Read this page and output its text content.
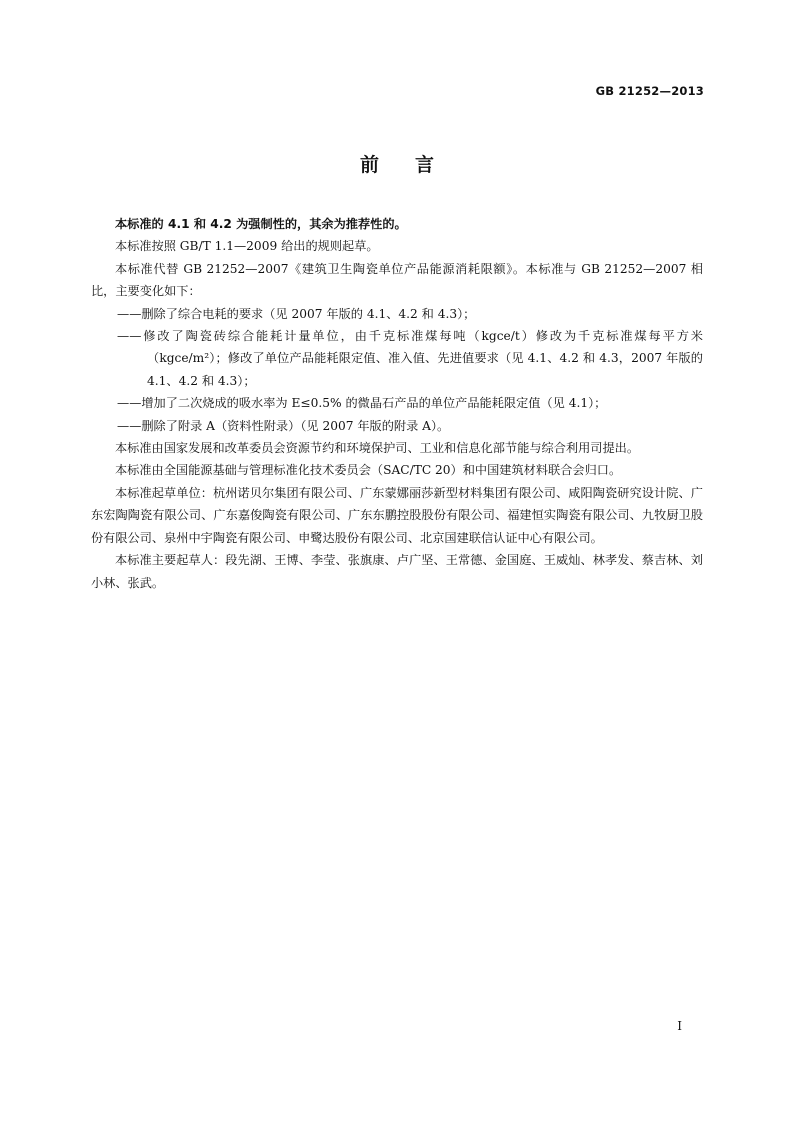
GB 21252—2013
前言

本标准的 4.1 和 4.2 为强制性的，其余为推荐性的。

本标准按照 GB/T 1.1—2009 给出的规则起草。

本标准代替 GB 21252—2007《建筑卫生陶瓷单位产品能源消耗限额》。本标准与 GB 21252—2007 相比，主要变化如下：

——删除了综合电耗的要求（见 2007 年版的 4.1、4.2 和 4.3）；

——修改了陶瓷砖综合能耗计量单位，由千克标准煤每吨（kgce/t）修改为千克标准煤每平方米（kgce/m²）；修改了单位产品能耗限定值、准入值、先进值要求（见 4.1、4.2 和 4.3，2007 年版的 4.1、4.2 和 4.3）；

——增加了二次烧成的吸水率为 E≤0.5% 的微晶石产品的单位产品能耗限定值（见 4.1）；

——删除了附录 A（资料性附录）（见 2007 年版的附录 A）。

本标准由国家发展和改革委员会资源节约和环境保护司、工业和信息化部节能与综合利用司提出。

本标准由全国能源基础与管理标准化技术委员会（SAC/TC 20）和中国建筑材料联合会归口。

本标准起草单位：杭州诺贝尔集团有限公司、广东蒙娜丽莎新型材料集团有限公司、咸阳陶瓷研究设计院、广东宏陶陶瓷有限公司、广东嘉俊陶瓷有限公司、广东东鹏控股股份有限公司、福建恒实陶瓷有限公司、九牧厨卫股份有限公司、泉州中宇陶瓷有限公司、申鹭达股份有限公司、北京国建联信认证中心有限公司。

本标准主要起草人：段先湖、王博、李莹、张旗康、卢广坚、王常德、金国庭、王威灿、林孝发、蔡吉林、刘小林、张武。

I
